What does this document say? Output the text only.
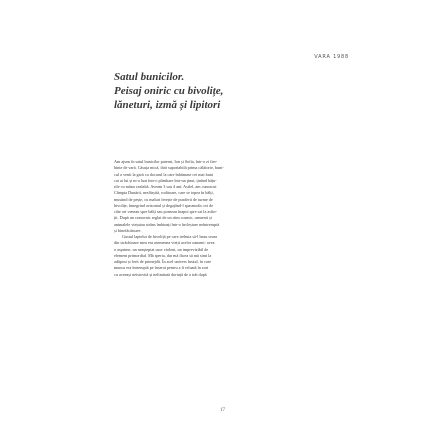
VARA 1988
Satul bunicilor.
Peisaj oniric cu bivolițe,
lăneturi, izmă și lipitori

Am ajuns în satul bunicilor paterni, Ion și Sofia, într-o zi fier-
binte de vară. Căsuța mică, fără suportabilă prima călătorie, buni-
cul a venit la gară cu docarul la care înhămase cei mai buni
cai ai lui și m-a luat într-o plimbare într-un ţinut, ținând hățu-
rile cu mâna cealaltă. Aveam 3 sau 4 ani. Astfel, am cunoscut
Câmpia Dunării, nesfârșită, roditoare, care se topea în bălți,
mustind de pește, cu maluri ferește de pusderii de turme de
bivolițe, înnegrind orizontul și degajând-l spasmodic ori de
câte ori veneau spre bălți sau porneau înapoi spre sat la asfin-
țit. După un ceasornic reglat de un ritm cosmic, oamenii și
animalele viețuiau strâns îmbinați într-o încleștare neîntreruptă
și binefăcătoare.

Gustul laptelui de bivoliță pe care trebuia să-l beau seara
din străchinare mea era asemenea vieții acelor oameni: avea
o asprime, un neașteptat usor violent, un imprevizibil de
element primordial. Mă speria, dar mă făcea să mă simt la
adăpost și ferit de primejdii. În acel univers brutal, în care
munca era întreruptă pe înserat pentru a fi reluată în zori
cu aceeași neistovită și nelimitată dorință de a trăi după

17
